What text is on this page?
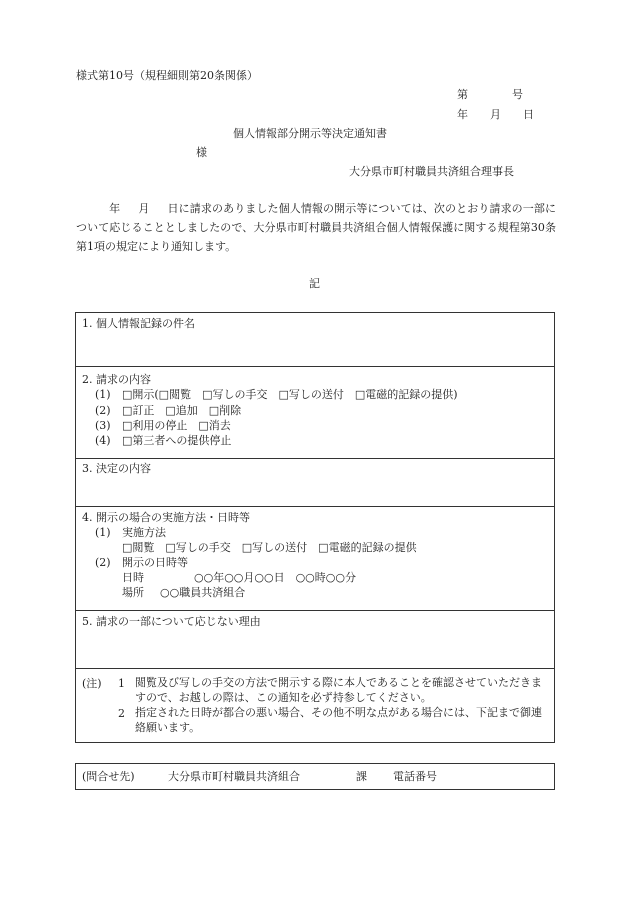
様式第10号（規程細則第20条関係）
第　　　　号
年　　月　　日
個人情報部分開示等決定通知書
様
大分県市町村職員共済組合理事長
年 月 日に請求のありました個人情報の開示等については、次のとおり請求の一部について応じることとしましたので、大分県市町村職員共済組合個人情報保護に関する規程第30条第1項の規定により通知します。
記
1. 個人情報記録の件名
2. 請求の内容
(1) □開示(□閲覧　□写しの手交　□写しの送付　□電磁的記録の提供)
(2) □訂正　□追加　□削除
(3) □利用の停止　□消去
(4) □第三者への提供停止
3. 決定の内容
4. 開示の場合の実施方法・日時等
(1) 実施方法
□閲覧　□写しの手交　□写しの送付　□電磁的記録の提供
(2) 開示の日時等
日時	○○年○○月○○日　○○時○○分
場所 ○○職員共済組合
5. 請求の一部について応じない理由
(注) 1 閲覧及び写しの手交の方法で開示する際に本人であることを確認させていただきますので、お越しの際は、この通知を必ず持参してください。
2 指定された日時が都合の悪い場合、その他不明な点がある場合には、下記まで御連絡願います。
(問合せ先)	大分県市町村職員共済組合	課 電話番号
